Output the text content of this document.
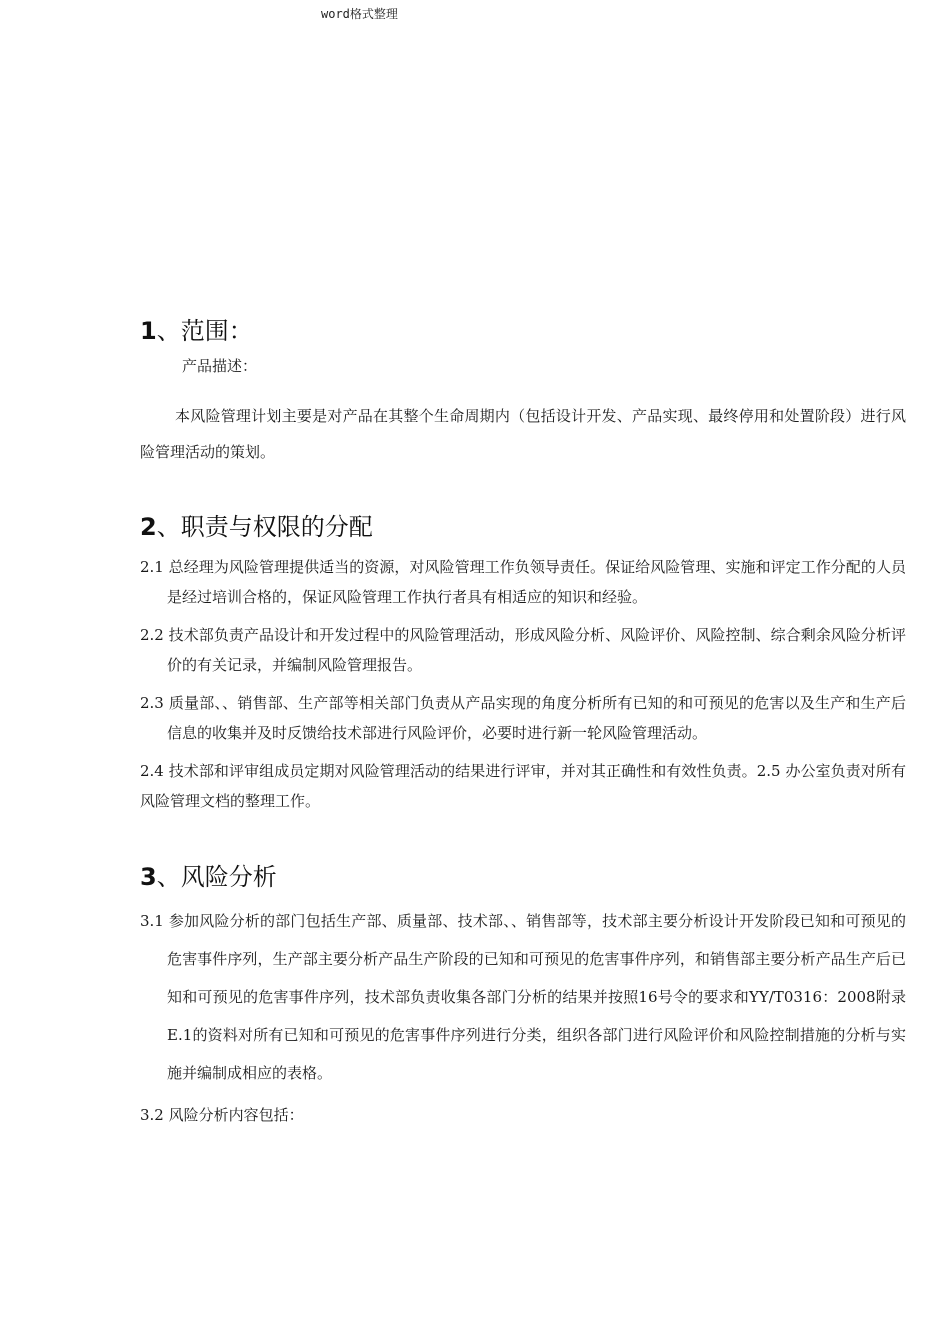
word格式整理
1、范围：
产品描述：

本风险管理计划主要是对产品在其整个生命周期内（包括设计开发、产品实现、最终停用和处置阶段）进行风险管理活动的策划。

2、职责与权限的分配

2.1 总经理为风险管理提供适当的资源，对风险管理工作负领导责任。保证给风险管理、实施和评定工作分配的人员是经过培训合格的，保证风险管理工作执行者具有相适应的知识和经验。

2.2 技术部负责产品设计和开发过程中的风险管理活动，形成风险分析、风险评价、风险控制、综合剩余风险分析评价的有关记录，并编制风险管理报告。

2.3 质量部、、销售部、生产部等相关部门负责从产品实现的角度分析所有已知的和可预见的危害以及生产和生产后信息的收集并及时反馈给技术部进行风险评价，必要时进行新一轮风险管理活动。

2.4 技术部和评审组成员定期对风险管理活动的结果进行评审，并对其正确性和有效性负责。2.5 办公室负责对所有风险管理文档的整理工作。

3、风险分析

3.1 参加风险分析的部门包括生产部、质量部、技术部、、销售部等，技术部主要分析设计开发阶段已知和可预见的危害事件序列，生产部主要分析产品生产阶段的已知和可预见的危害事件序列，和销售部主要分析产品生产后已知和可预见的危害事件序列，技术部负责收集各部门分析的结果并按照16号令的要求和YY/T0316：2008附录E.1的资料对所有已知和可预见的危害事件序列进行分类，组织各部门进行风险评价和风险控制措施的分析与实施并编制成相应的表格。

3.2 风险分析内容包括：
